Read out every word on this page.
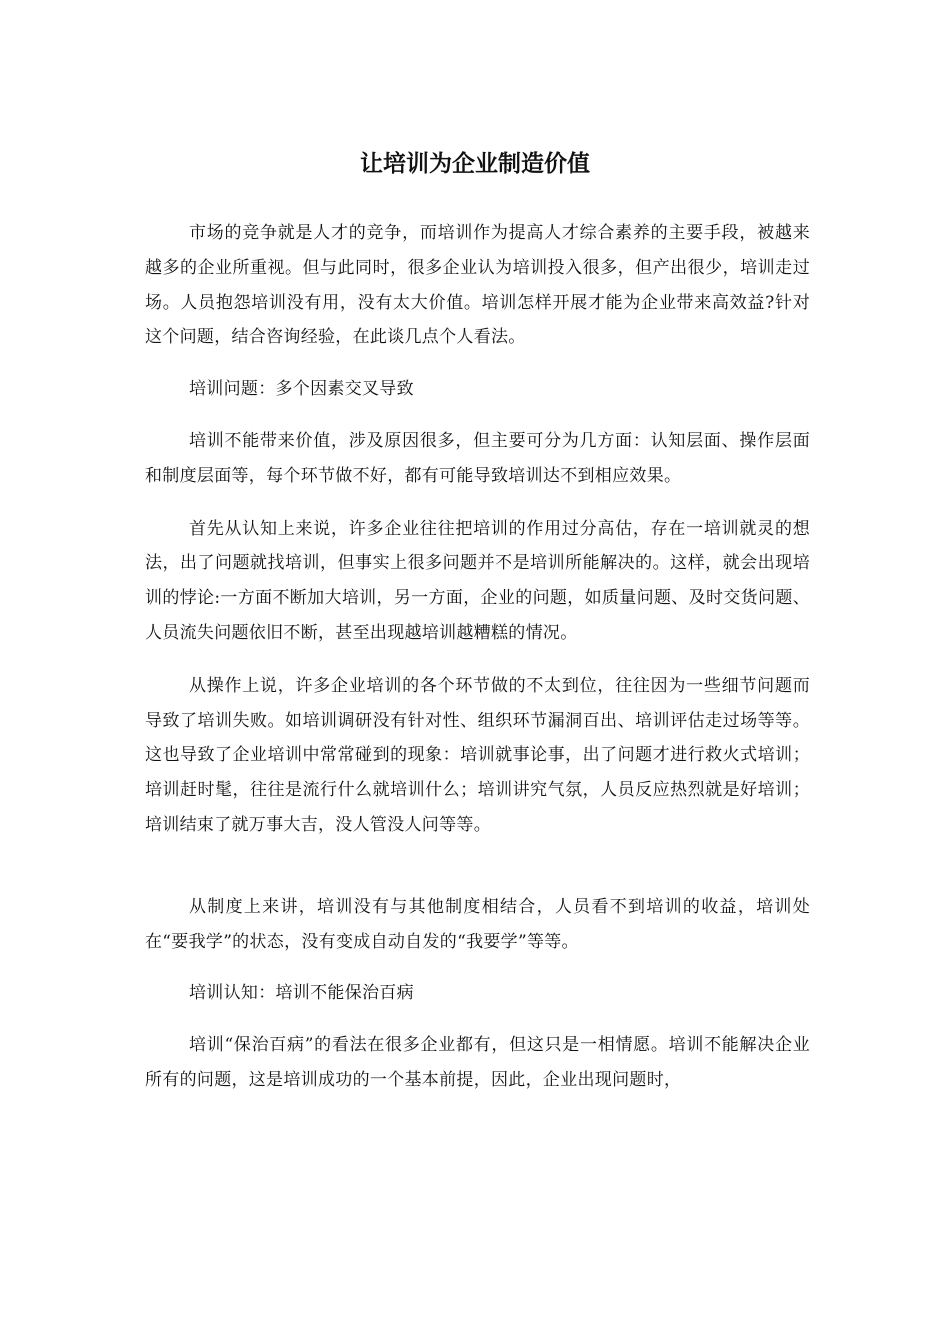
让培训为企业制造价值

市场的竞争就是人才的竞争，而培训作为提高人才综合素养的主要手段，被越来越多的企业所重视。但与此同时，很多企业认为培训投入很多，但产出很少，培训走过场。人员抱怨培训没有用，没有太大价值。培训怎样开展才能为企业带来高效益?针对这个问题，结合咨询经验，在此谈几点个人看法。

培训问题：多个因素交叉导致

培训不能带来价值，涉及原因很多，但主要可分为几方面：认知层面、操作层面和制度层面等，每个环节做不好，都有可能导致培训达不到相应效果。

首先从认知上来说，许多企业往往把培训的作用过分高估，存在一培训就灵的想法，出了问题就找培训，但事实上很多问题并不是培训所能解决的。这样，就会出现培训的悖论:一方面不断加大培训，另一方面，企业的问题，如质量问题、及时交货问题、人员流失问题依旧不断，甚至出现越培训越糟糕的情况。

从操作上说，许多企业培训的各个环节做的不太到位，往往因为一些细节问题而导致了培训失败。如培训调研没有针对性、组织环节漏洞百出、培训评估走过场等等。这也导致了企业培训中常常碰到的现象：培训就事论事，出了问题才进行救火式培训；培训赶时髦，往往是流行什么就培训什么；培训讲究气氛，人员反应热烈就是好培训；培训结束了就万事大吉，没人管没人问等等。

从制度上来讲，培训没有与其他制度相结合，人员看不到培训的收益，培训处在“要我学”的状态，没有变成自动自发的“我要学”等等。

培训认知：培训不能保治百病

培训“保治百病”的看法在很多企业都有，但这只是一相情愿。培训不能解决企业所有的问题，这是培训成功的一个基本前提，因此，企业出现问题时，
